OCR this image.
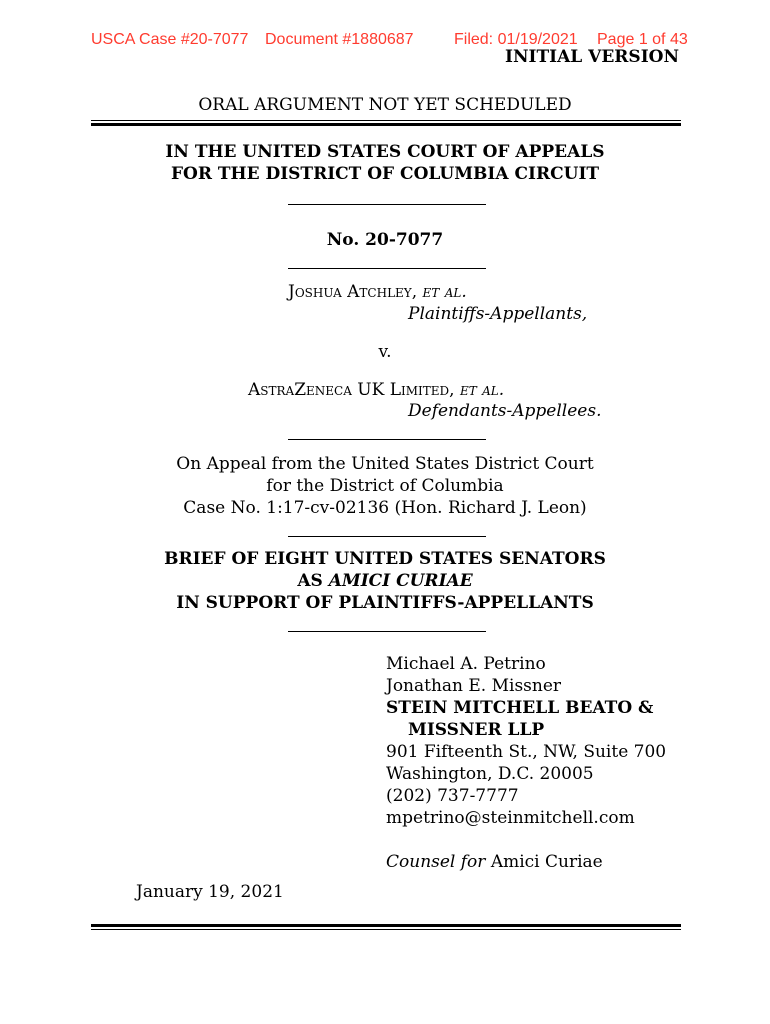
USCA Case #20-7077 Document #1880687	Filed: 01/19/2021 Page 1 of 43
INITIAL VERSION
ORAL ARGUMENT NOT YET SCHEDULED
IN THE UNITED STATES COURT OF APPEALS
FOR THE DISTRICT OF COLUMBIA CIRCUIT
No. 20-7077
Joshua Atchley, et al.
Plaintiffs-Appellants,
v.
AstraZeneca UK Limited, et al.
Defendants-Appellees.
On Appeal from the United States District Court
for the District of Columbia
Case No. 1:17-cv-02136 (Hon. Richard J. Leon)
BRIEF OF EIGHT UNITED STATES SENATORS
AS AMICI CURIAE
IN SUPPORT OF PLAINTIFFS-APPELLANTS
Michael A. Petrino
Jonathan E. Missner
STEIN MITCHELL BEATO &
MISSNER LLP
901 Fifteenth St., NW, Suite 700
Washington, D.C. 20005
(202) 737-7777
mpetrino@steinmitchell.com
Counsel for Amici Curiae
January 19, 2021
